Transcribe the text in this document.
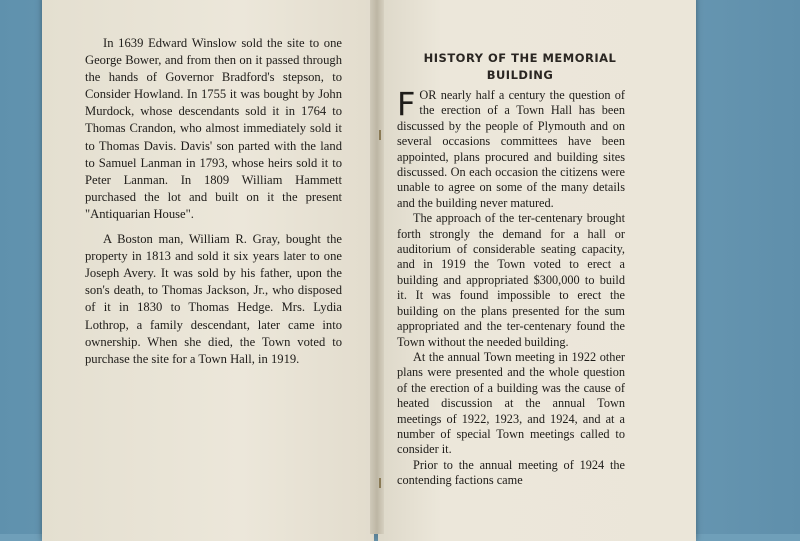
In 1639 Edward Winslow sold the site to one George Bower, and from then on it passed through the hands of Governor Bradford's stepson, to Consider Howland. In 1755 it was bought by John Murdock, whose descendants sold it in 1764 to Thomas Crandon, who almost immediately sold it to Thomas Davis. Davis' son parted with the land to Samuel Lanman in 1793, whose heirs sold it to Peter Lanman. In 1809 William Hammett purchased the lot and built on it the present "Antiquarian House".

A Boston man, William R. Gray, bought the property in 1813 and sold it six years later to one Joseph Avery. It was sold by his father, upon the son's death, to Thomas Jackson, Jr., who disposed of it in 1830 to Thomas Hedge. Mrs. Lydia Lothrop, a family descendant, later came into ownership. When she died, the Town voted to purchase the site for a Town Hall, in 1919.

HISTORY OF THE MEMORIAL BUILDING

FOR nearly half a century the question of the erection of a Town Hall has been discussed by the people of Plymouth and on several occasions committees have been appointed, plans procured and building sites discussed. On each occasion the citizens were unable to agree on some of the many details and the building never matured.

The approach of the ter-centenary brought forth strongly the demand for a hall or auditorium of considerable seating capacity, and in 1919 the Town voted to erect a building and appropriated $300,000 to build it. It was found impossible to erect the building on the plans presented for the sum appropriated and the ter-centenary found the Town without the needed building.

At the annual Town meeting in 1922 other plans were presented and the whole question of the erection of a building was the cause of heated discussion at the annual Town meetings of 1922, 1923, and 1924, and at a number of special Town meetings called to consider it.

Prior to the annual meeting of 1924 the contending factions came
